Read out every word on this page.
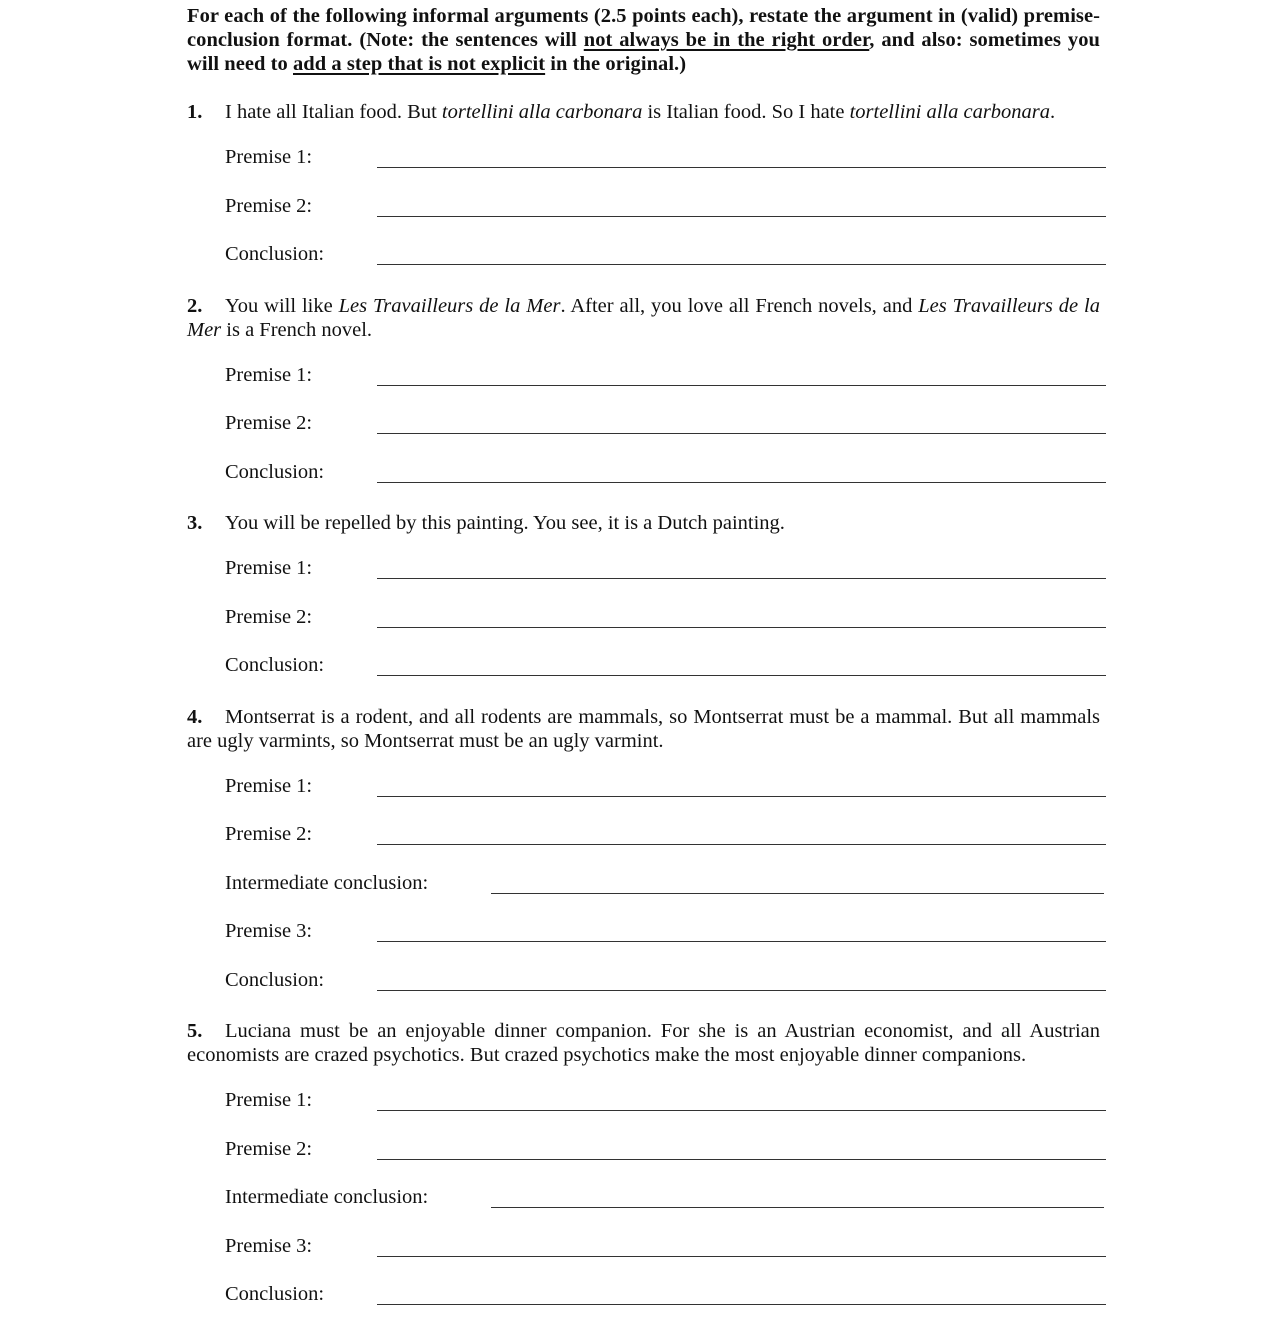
For each of the following informal arguments (2.5 points each), restate the argument in (valid) premise-conclusion format. (Note: the sentences will not always be in the right order, and also: sometimes you will need to add a step that is not explicit in the original.)

1. I hate all Italian food. But tortellini alla carbonara is Italian food. So I hate tortellini alla carbonara.

Premise 1:
Premise 2:
Conclusion:

2. You will like Les Travailleurs de la Mer. After all, you love all French novels, and Les Travailleurs de la Mer is a French novel.

Premise 1:
Premise 2:
Conclusion:

3. You will be repelled by this painting. You see, it is a Dutch painting.

Premise 1:
Premise 2:
Conclusion:

4. Montserrat is a rodent, and all rodents are mammals, so Montserrat must be a mammal. But all mammals are ugly varmints, so Montserrat must be an ugly varmint.

Premise 1:
Premise 2:
Intermediate conclusion:
Premise 3:
Conclusion:

5. Luciana must be an enjoyable dinner companion. For she is an Austrian economist, and all Austrian economists are crazed psychotics. But crazed psychotics make the most enjoyable dinner companions.

Premise 1:
Premise 2:
Intermediate conclusion:
Premise 3:
Conclusion:
